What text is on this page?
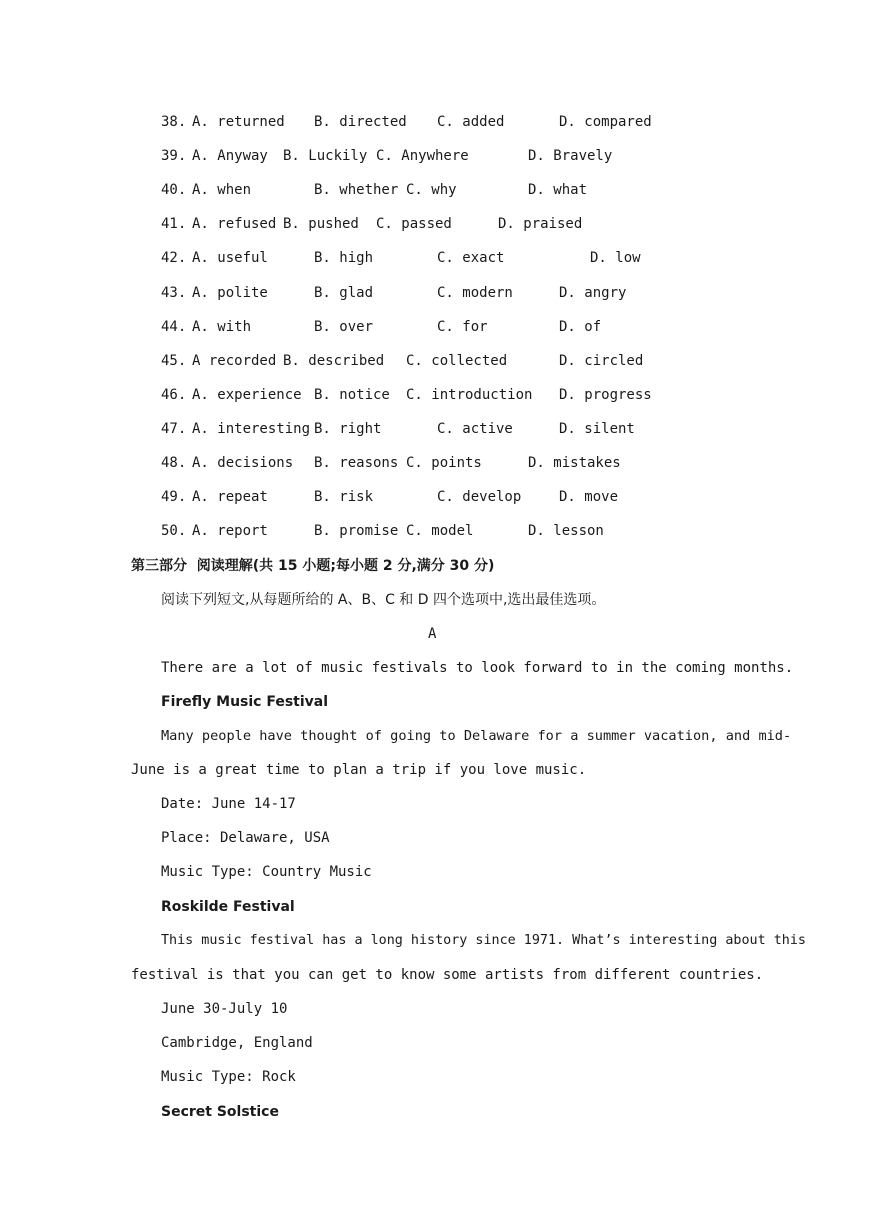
38. A. returned B. directed C. added	D. compared
39. A. Anyway B. Luckily C. Anywhere	D. Bravely
40. A. when	B. whether C. why	D. what
41. A. refused B. pushed C. passed	D. praised
42. A. useful	B. high	C. exact	D. low
43. A. polite	B. glad	C. modern	D. angry
44. A. with	B. over	C. for	D. of
45. A recorded B. described C. collected	D. circled
46. A. experience B. notice C. introduction D. progress
47. A. interesting B. right	C. active	D. silent
48. A. decisions B. reasons C. points	D. mistakes
49. A. repeat	B. risk	C. develop	D. move
50. A. report	B. promise C. model	D. lesson
第三部分  阅读理解(共 15 小题;每小题 2 分,满分 30 分)
阅读下列短文,从每题所给的 A、B、C 和 D 四个选项中,选出最佳选项。
A
There are a lot of music festivals to look forward to in the coming months.
Firefly Music Festival
Many people have thought of going to Delaware for a summer vacation, and mid-
June is a great time to plan a trip if you love music.
Date: June 14-17
Place: Delaware, USA
Music Type: Country Music
Roskilde Festival
This music festival has a long history since 1971. What’s interesting about this
festival is that you can get to know some artists from different countries.
June 30-July 10
Cambridge, England
Music Type: Rock
Secret Solstice
